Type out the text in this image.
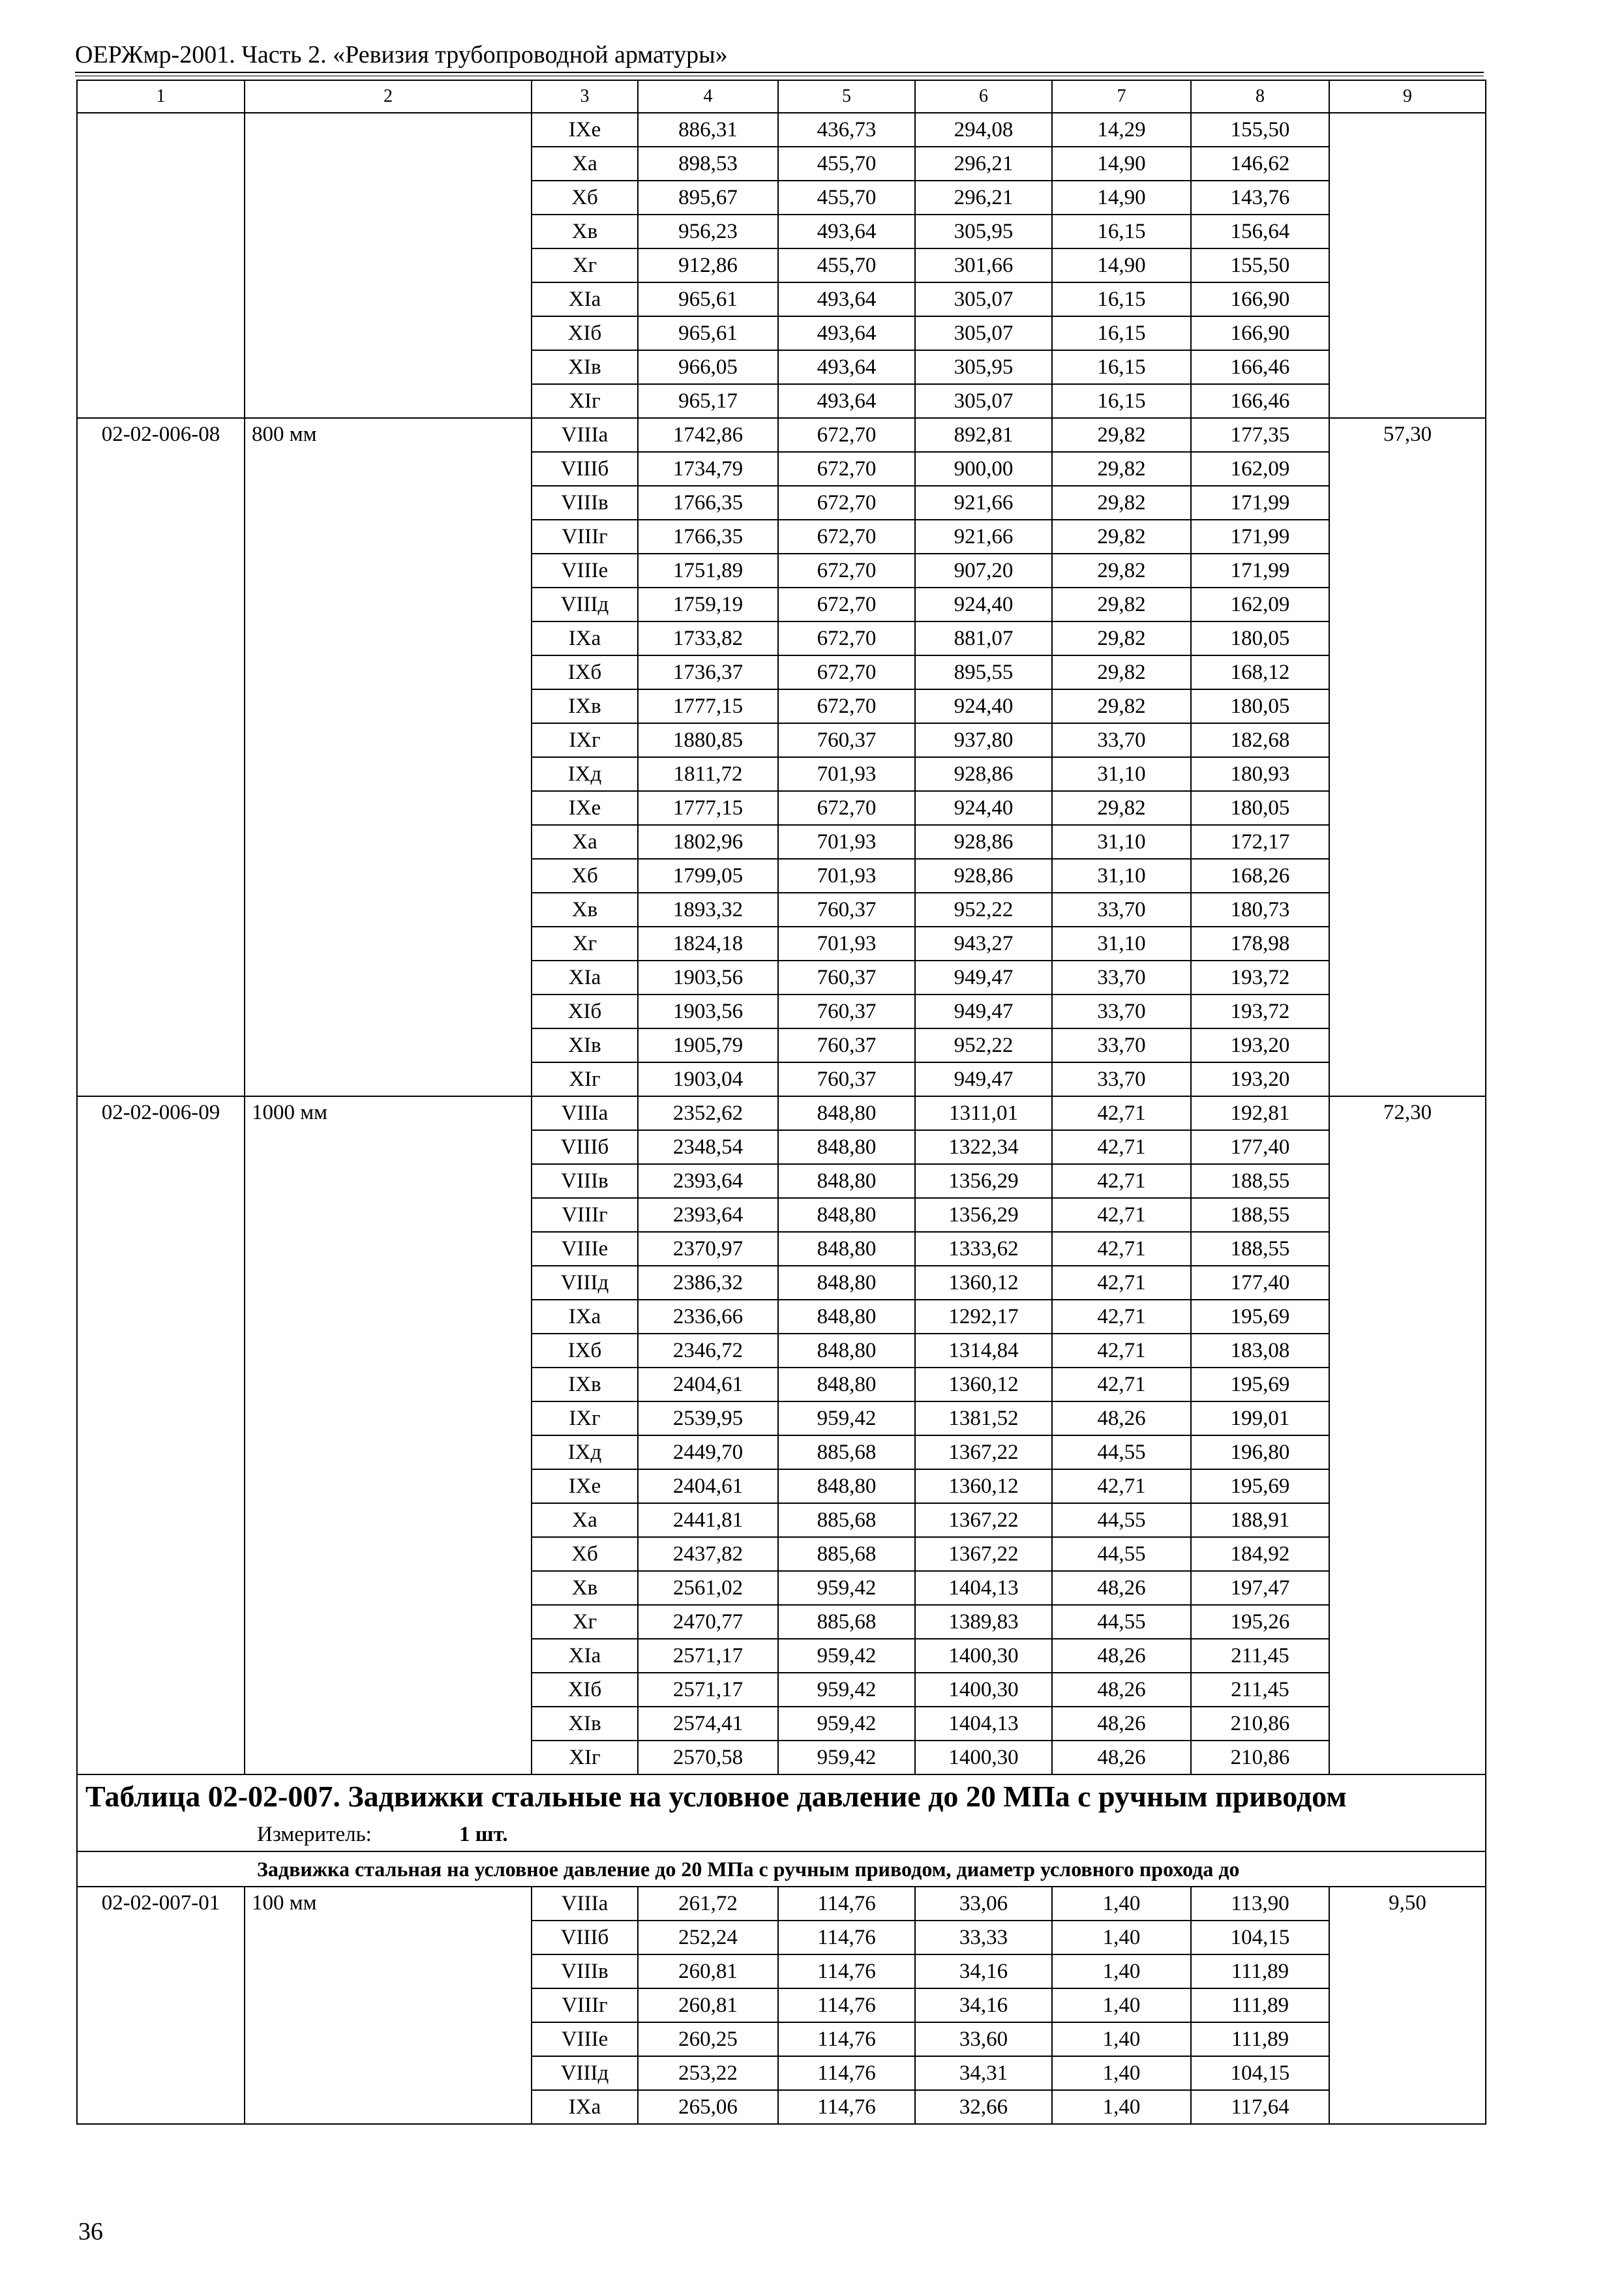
ОЕРЖмр-2001. Часть 2. «Ревизия трубопроводной арматуры»
1	2	3	4	5	6	7	8	9
		IXе	886,31	436,73	294,08	14,29	155,50	
		Xа	898,53	455,70	296,21	14,90	146,62	
		Xб	895,67	455,70	296,21	14,90	143,76	
		Xв	956,23	493,64	305,95	16,15	156,64	
		Xг	912,86	455,70	301,66	14,90	155,50	
		XIа	965,61	493,64	305,07	16,15	166,90	
		XIб	965,61	493,64	305,07	16,15	166,90	
		XIв	966,05	493,64	305,95	16,15	166,46	
		XIг	965,17	493,64	305,07	16,15	166,46	
02-02-006-08	800 мм	VIIIа	1742,86	672,70	892,81	29,82	177,35	57,30
		VIIIб	1734,79	672,70	900,00	29,82	162,09	
		VIIIв	1766,35	672,70	921,66	29,82	171,99	
		VIIIг	1766,35	672,70	921,66	29,82	171,99	
		VIIIе	1751,89	672,70	907,20	29,82	171,99	
		VIIIд	1759,19	672,70	924,40	29,82	162,09	
		IXа	1733,82	672,70	881,07	29,82	180,05	
		IXб	1736,37	672,70	895,55	29,82	168,12	
		IXв	1777,15	672,70	924,40	29,82	180,05	
		IXг	1880,85	760,37	937,80	33,70	182,68	
		IXд	1811,72	701,93	928,86	31,10	180,93	
		IXе	1777,15	672,70	924,40	29,82	180,05	
		Xа	1802,96	701,93	928,86	31,10	172,17	
		Xб	1799,05	701,93	928,86	31,10	168,26	
		Xв	1893,32	760,37	952,22	33,70	180,73	
		Xг	1824,18	701,93	943,27	31,10	178,98	
		XIа	1903,56	760,37	949,47	33,70	193,72	
		XIб	1903,56	760,37	949,47	33,70	193,72	
		XIв	1905,79	760,37	952,22	33,70	193,20	
		XIг	1903,04	760,37	949,47	33,70	193,20	
02-02-006-09	1000 мм	VIIIа	2352,62	848,80	1311,01	42,71	192,81	72,30
		VIIIб	2348,54	848,80	1322,34	42,71	177,40	
		VIIIв	2393,64	848,80	1356,29	42,71	188,55	
		VIIIг	2393,64	848,80	1356,29	42,71	188,55	
		VIIIе	2370,97	848,80	1333,62	42,71	188,55	
		VIIIд	2386,32	848,80	1360,12	42,71	177,40	
		IXа	2336,66	848,80	1292,17	42,71	195,69	
		IXб	2346,72	848,80	1314,84	42,71	183,08	
		IXв	2404,61	848,80	1360,12	42,71	195,69	
		IXг	2539,95	959,42	1381,52	48,26	199,01	
		IXд	2449,70	885,68	1367,22	44,55	196,80	
		IXе	2404,61	848,80	1360,12	42,71	195,69	
		Xа	2441,81	885,68	1367,22	44,55	188,91	
		Xб	2437,82	885,68	1367,22	44,55	184,92	
		Xв	2561,02	959,42	1404,13	48,26	197,47	
		Xг	2470,77	885,68	1389,83	44,55	195,26	
		XIа	2571,17	959,42	1400,30	48,26	211,45	
		XIб	2571,17	959,42	1400,30	48,26	211,45	
		XIв	2574,41	959,42	1404,13	48,26	210,86	
		XIг	2570,58	959,42	1400,30	48,26	210,86	
Таблица 02-02-007. Задвижки стальные на условное давление до 20 МПа с ручным приводом								
Измеритель: 1 шт.								
Задвижка стальная на условное давление до 20 МПа с ручным приводом, диаметр условного прохода до								
02-02-007-01	100 мм	VIIIа	261,72	114,76	33,06	1,40	113,90	9,50
		VIIIб	252,24	114,76	33,33	1,40	104,15	
		VIIIв	260,81	114,76	34,16	1,40	111,89	
		VIIIг	260,81	114,76	34,16	1,40	111,89	
		VIIIе	260,25	114,76	33,60	1,40	111,89	
		VIIIд	253,22	114,76	34,31	1,40	104,15	
		IXа	265,06	114,76	32,66	1,40	117,64	
36
